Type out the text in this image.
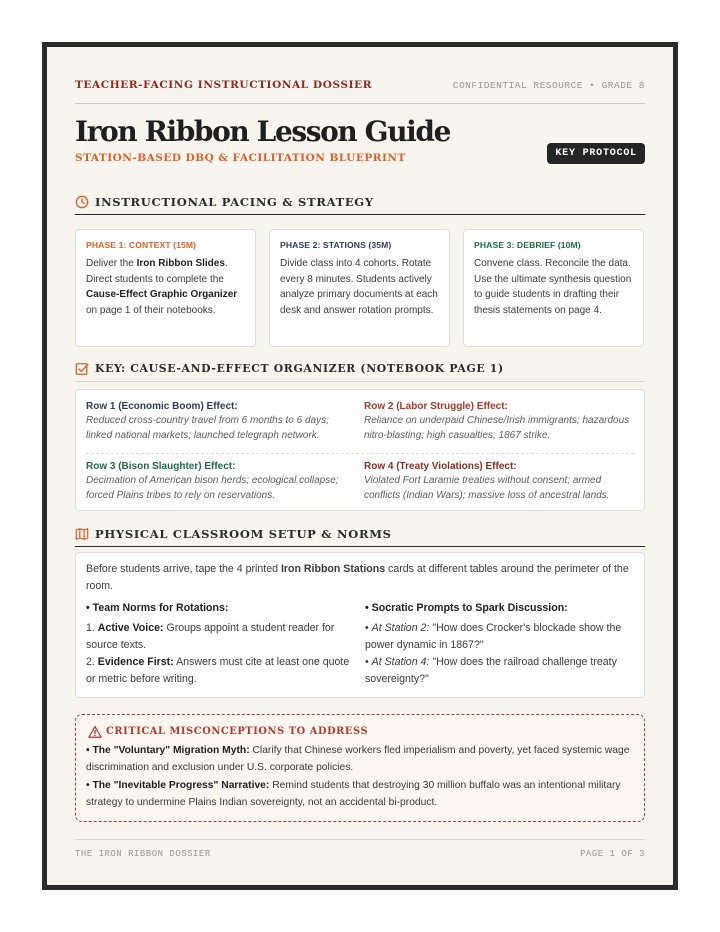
TEACHER-FACING INSTRUCTIONAL DOSSIER	CONFIDENTIAL RESOURCE • GRADE 8
Iron Ribbon Lesson Guide
STATION-BASED DBQ & FACILITATION BLUEPRINT	KEY PROTOCOL
INSTRUCTIONAL PACING & STRATEGY
PHASE 1: CONTEXT (15M)
Deliver the Iron Ribbon Slides. Direct students to complete the Cause-Effect Graphic Organizer on page 1 of their notebooks.
PHASE 2: STATIONS (35M)
Divide class into 4 cohorts. Rotate every 8 minutes. Students actively analyze primary documents at each desk and answer rotation prompts.
PHASE 3: DEBRIEF (10M)
Convene class. Reconcile the data. Use the ultimate synthesis question to guide students in drafting their thesis statements on page 4.
KEY: CAUSE-AND-EFFECT ORGANIZER (NOTEBOOK PAGE 1)
Row 1 (Economic Boom) Effect:
Reduced cross-country travel from 6 months to 6 days; linked national markets; launched telegraph network.
Row 2 (Labor Struggle) Effect:
Reliance on underpaid Chinese/Irish immigrants; hazardous nitro-blasting; high casualties; 1867 strike.
Row 3 (Bison Slaughter) Effect:
Decimation of American bison herds; ecological collapse; forced Plains tribes to rely on reservations.
Row 4 (Treaty Violations) Effect:
Violated Fort Laramie treaties without consent; armed conflicts (Indian Wars); massive loss of ancestral lands.
PHYSICAL CLASSROOM SETUP & NORMS
Before students arrive, tape the 4 printed Iron Ribbon Stations cards at different tables around the perimeter of the room.
• Team Norms for Rotations:
1. Active Voice: Groups appoint a student reader for source texts.
2. Evidence First: Answers must cite at least one quote or metric before writing.
• Socratic Prompts to Spark Discussion:
• At Station 2: "How does Crocker's blockade show the power dynamic in 1867?"
• At Station 4: "How does the railroad challenge treaty sovereignty?"
CRITICAL MISCONCEPTIONS TO ADDRESS
• The "Voluntary" Migration Myth: Clarify that Chinese workers fled imperialism and poverty, yet faced systemic wage discrimination and exclusion under U.S. corporate policies.
• The "Inevitable Progress" Narrative: Remind students that destroying 30 million buffalo was an intentional military strategy to undermine Plains Indian sovereignty, not an accidental bi-product.
THE IRON RIBBON DOSSIER	PAGE 1 OF 3
